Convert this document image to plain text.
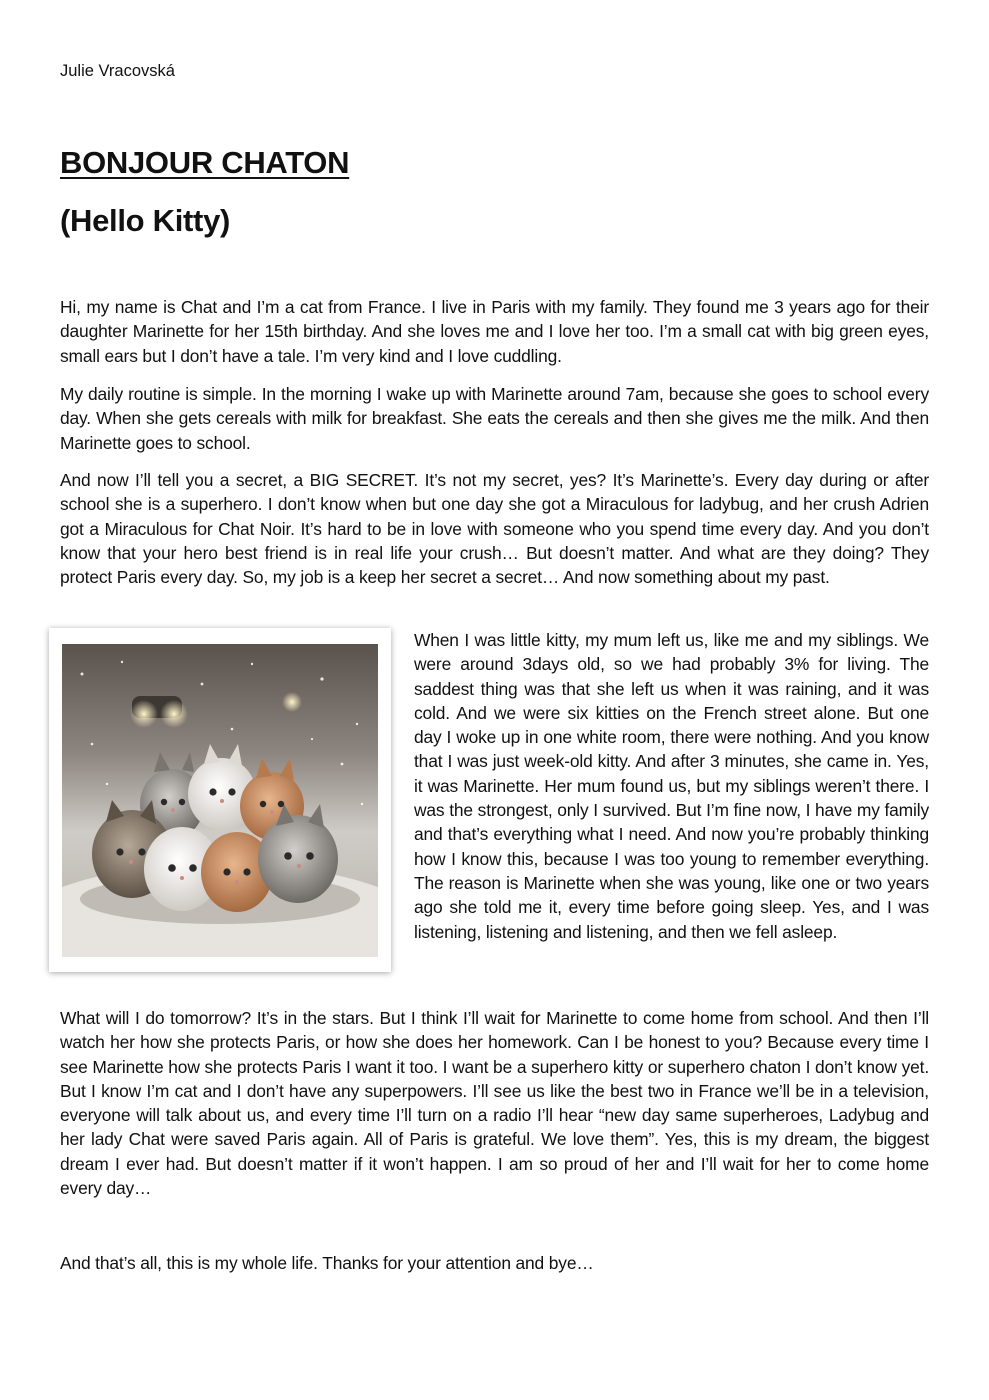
Julie Vracovská
BONJOUR CHATON
(Hello Kitty)

Hi, my name is Chat and I’m a cat from France. I live in Paris with my family. They found me 3 years ago for their daughter Marinette for her 15th birthday. And she loves me and I love her too. I’m a small cat with big green eyes, small ears but I don’t have a tale. I’m very kind and I love cuddling.

My daily routine is simple. In the morning I wake up with Marinette around 7am, because she goes to school every day. When she gets cereals with milk for breakfast. She eats the cereals and then she gives me the milk. And then Marinette goes to school.

And now I’ll tell you a secret, a BIG SECRET. It’s not my secret, yes? It’s Marinette’s. Every day during or after school she is a superhero. I don’t know when but one day she got a Miraculous for ladybug, and her crush Adrien got a Miraculous for Chat Noir. It’s hard to be in love with someone who you spend time every day. And you don’t know that your hero best friend is in real life your crush… But doesn’t matter. And what are they doing? They protect Paris every day. So, my job is a keep her secret a secret… And now something about my past.

When I was little kitty, my mum left us, like me and my siblings. We were around 3days old, so we had probably 3% for living. The saddest thing was that she left us when it was raining, and it was cold. And we were six kitties on the French street alone. But one day I woke up in one white room, there were nothing. And you know that I was just week-old kitty. And after 3 minutes, she came in. Yes, it was Marinette. Her mum found us, but my siblings weren’t there. I was the strongest, only I survived. But I’m fine now, I have my family and that’s everything what I need. And now you’re probably thinking how I know this, because I was too young to remember everything. The reason is Marinette when she was young, like one or two years ago she told me it, every time before going sleep. Yes, and I was listening, listening and listening, and then we fell asleep.

What will I do tomorrow? It’s in the stars. But I think I’ll wait for Marinette to come home from school. And then I’ll watch her how she protects Paris, or how she does her homework. Can I be honest to you? Because every time I see Marinette how she protects Paris I want it too. I want be a superhero kitty or superhero chaton I don’t know yet. But I know I’m cat and I don’t have any superpowers. I’ll see us like the best two in France we’ll be in a television, everyone will talk about us, and every time I’ll turn on a radio I’ll hear “new day same superheroes, Ladybug and her lady Chat were saved Paris again. All of Paris is grateful. We love them”. Yes, this is my dream, the biggest dream I ever had. But doesn’t matter if it won’t happen. I am so proud of her and I’ll wait for her to come home every day…

And that’s all, this is my whole life. Thanks for your attention and bye…
